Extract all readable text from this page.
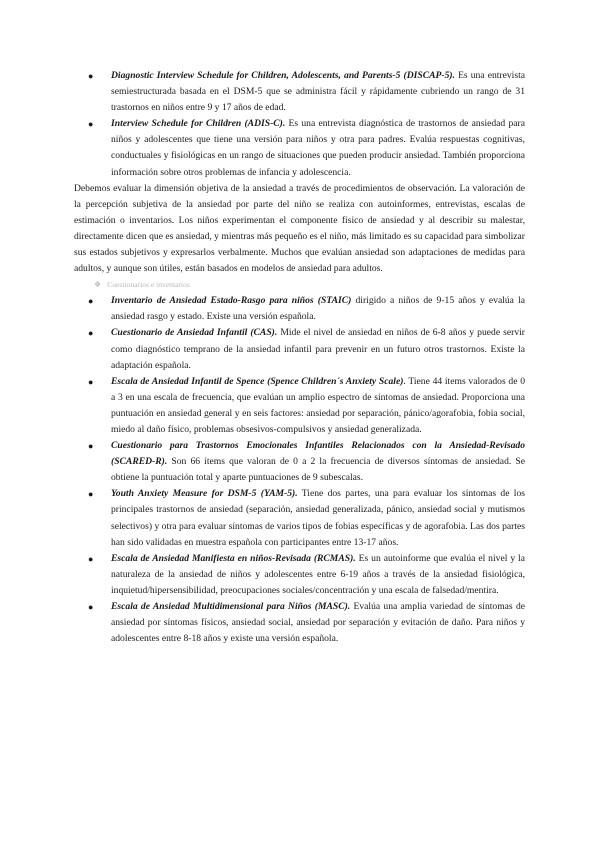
● Diagnostic Interview Schedule for Children, Adolescents, and Parents-5 (DISCAP-5). Es una entrevista semiestructurada basada en el DSM-5 que se administra fácil y rápidamente cubriendo un rango de 31 trastornos en niños entre 9 y 17 años de edad.
● Interview Schedule for Children (ADIS-C). Es una entrevista diagnóstica de trastornos de ansiedad para niños y adolescentes que tiene una versión para niños y otra para padres. Evalúa respuestas cognitivas, conductuales y fisiológicas en un rango de situaciones que pueden producir ansiedad. También proporciona información sobre otros problemas de infancia y adolescencia.

Debemos evaluar la dimensión objetiva de la ansiedad a través de procedimientos de observación. La valoración de la percepción subjetiva de la ansiedad por parte del niño se realiza con autoinformes, entrevistas, escalas de estimación o inventarios. Los niños experimentan el componente físico de ansiedad y al describir su malestar, directamente dicen que es ansiedad, y mientras más pequeño es el niño, más limitado es su capacidad para simbolizar sus estados subjetivos y expresarlos verbalmente. Muchos que evalúan ansiedad son adaptaciones de medidas para adultos, y aunque son útiles, están basados en modelos de ansiedad para adultos.

❖ Cuestionarios e inventarios
● Inventario de Ansiedad Estado-Rasgo para niños (STAIC) dirigido a niños de 9-15 años y evalúa la ansiedad rasgo y estado. Existe una versión española.
● Cuestionario de Ansiedad Infantil (CAS). Mide el nivel de ansiedad en niños de 6-8 años y puede servir como diagnóstico temprano de la ansiedad infantil para prevenir en un futuro otros trastornos. Existe la adaptación española.
● Escala de Ansiedad Infantil de Spence (Spence Children´s Anxiety Scale). Tiene 44 ítems valorados de 0 a 3 en una escala de frecuencia, que evalúan un amplio espectro de síntomas de ansiedad. Proporciona una puntuación en ansiedad general y en seis factores: ansiedad por separación, pánico/agorafobia, fobia social, miedo al daño físico, problemas obsesivos-compulsivos y ansiedad generalizada.
● Cuestionario para Trastornos Emocionales Infantiles Relacionados con la Ansiedad-Revisado (SCARED-R). Son 66 ítems que valoran de 0 a 2 la frecuencia de diversos síntomas de ansiedad. Se obtiene la puntuación total y aparte puntuaciones de 9 subescalas.
● Youth Anxiety Measure for DSM-5 (YAM-5). Tiene dos partes, una para evaluar los síntomas de los principales trastornos de ansiedad (separación, ansiedad generalizada, pánico, ansiedad social y mutismos selectivos) y otra para evaluar síntomas de varios tipos de fobias específicas y de agorafobia. Las dos partes han sido validadas en muestra española con participantes entre 13-17 años.
● Escala de Ansiedad Manifiesta en niños-Revisada (RCMAS). Es un autoinforme que evalúa el nivel y la naturaleza de la ansiedad de niños y adolescentes entre 6-19 años a través de la ansiedad fisiológica, inquietud/hipersensibilidad, preocupaciones sociales/concentración y una escala de falsedad/mentira.
● Escala de Ansiedad Multidimensional para Niños (MASC). Evalúa una amplia variedad de síntomas de ansiedad por síntomas físicos, ansiedad social, ansiedad por separación y evitación de daño. Para niños y adolescentes entre 8-18 años y existe una versión española.
